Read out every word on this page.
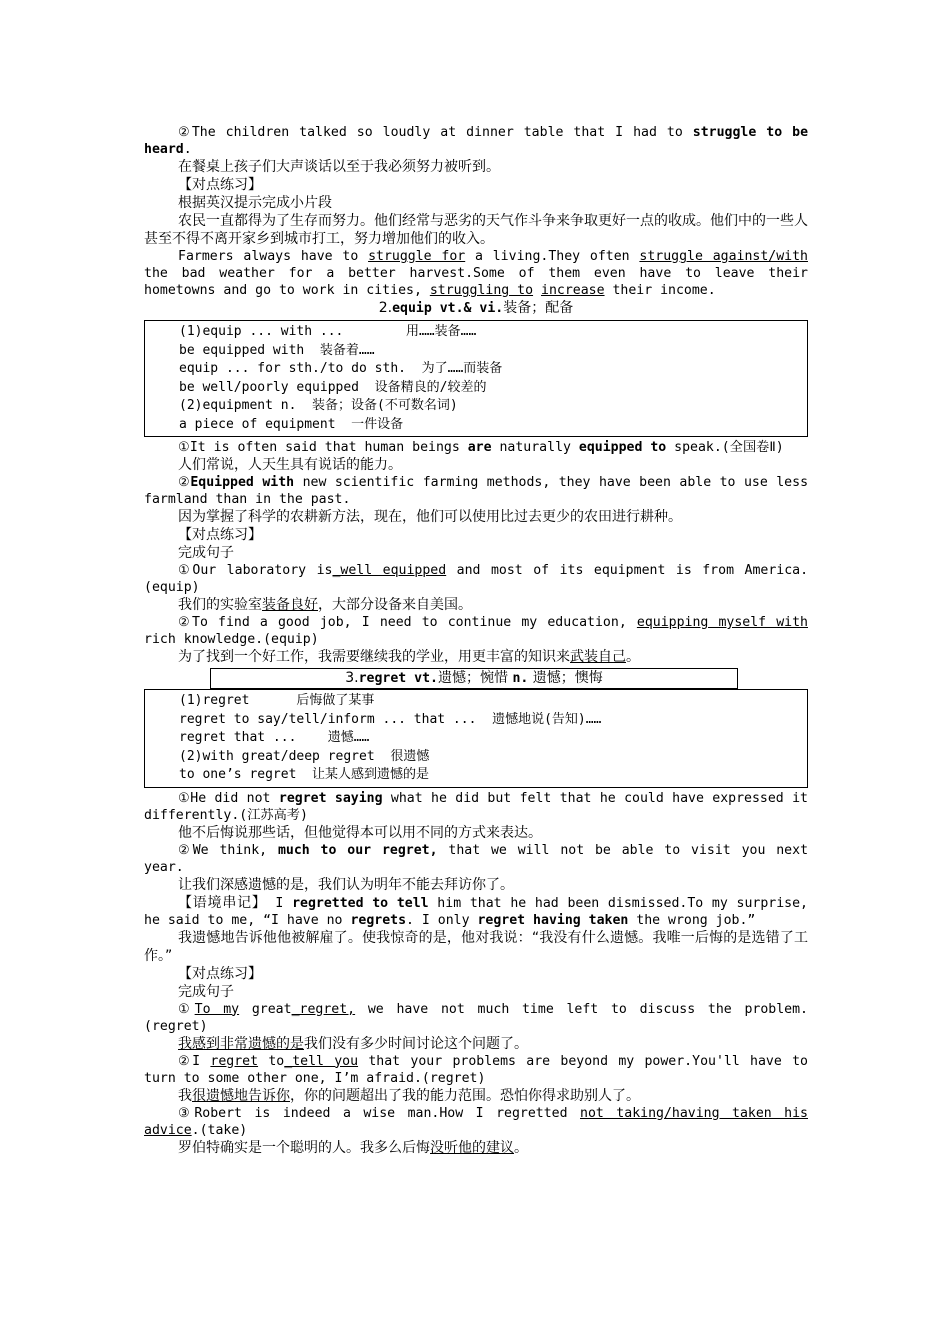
②The children talked so loudly at dinner table that I had to struggle to be heard.

在餐桌上孩子们大声谈话以至于我必须努力被听到。

【对点练习】

根据英汉提示完成小片段

农民一直都得为了生存而努力。他们经常与恶劣的天气作斗争来争取更好一点的收成。他们中的一些人甚至不得不离开家乡到城市打工，努力增加他们的收入。

Farmers always have to struggle for a living.They often struggle against/with the bad weather for a better harvest.Some of them even have to leave their hometowns and go to work in cities, struggling to increase their income.

2.equip vt.& vi.装备；配备

(1)equip ... with ...        用……装备……
be equipped with  装备着……
equip ... for sth./to do sth.  为了……而装备
be well/poorly equipped  设备精良的/较差的
(2)equipment n.  装备；设备(不可数名词)
a piece of equipment  一件设备

①It is often said that human beings are naturally equipped to speak.(全国卷Ⅱ)

人们常说，人天生具有说话的能力。

②Equipped with new scientific farming methods, they have been able to use less farmland than in the past.

因为掌握了科学的农耕新方法，现在，他们可以使用比过去更少的农田进行耕种。

【对点练习】

完成句子

①Our laboratory is_well equipped and most of its equipment is from America.(equip)

我们的实验室装备良好，大部分设备来自美国。

②To find a good job, I need to continue my education, equipping myself with rich knowledge.(equip)

为了找到一个好工作，我需要继续我的学业，用更丰富的知识来武装自己。

3.regret vt.遗憾；惋惜 n. 遗憾；懊悔
(1)regret      后悔做了某事
regret to say/tell/inform ... that ...  遗憾地说(告知)……
regret that ...    遗憾……
(2)with great/deep regret  很遗憾
to one’s regret  让某人感到遗憾的是

①He did not regret saying what he did but felt that he could have expressed it differently.(江苏高考)

他不后悔说那些话，但他觉得本可以用不同的方式来表达。

②We think, much to our regret, that we will not be able to visit you next year.

让我们深感遗憾的是，我们认为明年不能去拜访你了。

【语境串记】 I regretted to tell him that he had been dismissed.To my surprise, he said to me, “I have no regrets. I only regret having taken the wrong job.”

我遗憾地告诉他他被解雇了。使我惊奇的是，他对我说：“我没有什么遗憾。我唯一后悔的是选错了工作。”

【对点练习】

完成句子

①To my great_regret, we have not much time left to discuss the problem.(regret)

我感到非常遗憾的是我们没有多少时间讨论这个问题了。

②I regret to_tell you that your problems are beyond my power.You'll have to turn to some other one, I’m afraid.(regret)

我很遗憾地告诉你，你的问题超出了我的能力范围。恐怕你得求助别人了。

③Robert is indeed a wise man.How I regretted not taking/having taken his advice.(take)

罗伯特确实是一个聪明的人。我多么后悔没听他的建议。
